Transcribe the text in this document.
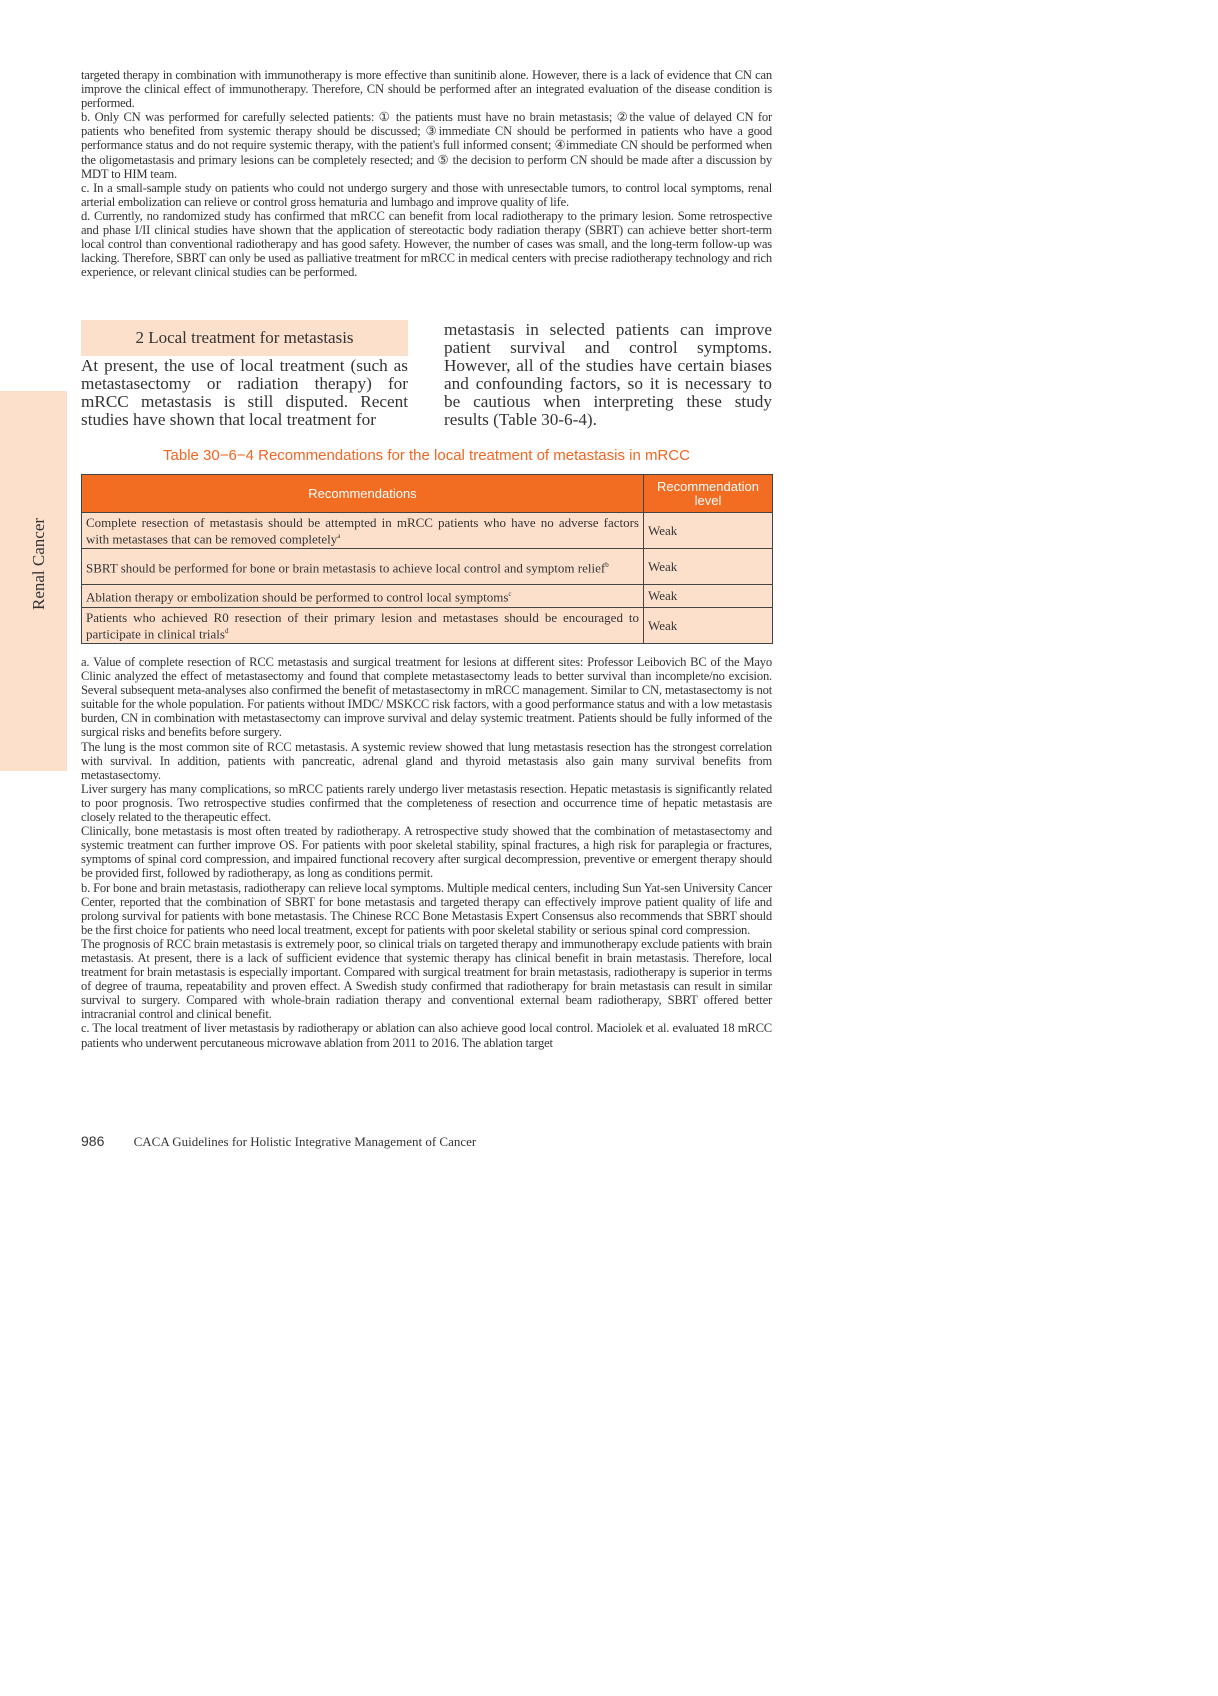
Renal Cancer

targeted therapy in combination with immunotherapy is more effective than sunitinib alone. However, there is a lack of evidence that CN can improve the clinical effect of immunotherapy. Therefore, CN should be performed after an integrated evaluation of the disease condition is performed.

b. Only CN was performed for carefully selected patients: ① the patients must have no brain metastasis; ②the value of delayed CN for patients who benefited from systemic therapy should be discussed; ③immediate CN should be performed in patients who have a good performance status and do not require systemic therapy, with the patient's full informed consent; ④immediate CN should be performed when the oligometastasis and primary lesions can be completely resected; and ⑤ the decision to perform CN should be made after a discussion by MDT to HIM team.

c. In a small-sample study on patients who could not undergo surgery and those with unresectable tumors, to control local symptoms, renal arterial embolization can relieve or control gross hematuria and lumbago and improve quality of life.

d. Currently, no randomized study has confirmed that mRCC can benefit from local radiotherapy to the primary lesion. Some retrospective and phase I/II clinical studies have shown that the application of stereotactic body radiation therapy (SBRT) can achieve better short-term local control than conventional radiotherapy and has good safety. However, the number of cases was small, and the long-term follow-up was lacking. Therefore, SBRT can only be used as palliative treatment for mRCC in medical centers with precise radiotherapy technology and rich experience, or relevant clinical studies can be performed.

2 Local treatment for metastasis
At present, the use of local treatment (such as metastasectomy or radiation therapy) for mRCC metastasis is still disputed. Recent studies have shown that local treatment for
metastasis in selected patients can improve patient survival and control symptoms. However, all of the studies have certain biases and confounding factors, so it is necessary to be cautious when interpreting these study results (Table 30-6-4).
Table 30−6−4 Recommendations for the local treatment of metastasis in mRCC
Recommendations	Recommendation level
Complete resection of metastasis should be attempted in mRCC patients who have no adverse factors with metastases that can be removed completely$^a$	Weak
SBRT should be performed for bone or brain metastasis to achieve local control and symptom relief$^b$	Weak
Ablation therapy or embolization should be performed to control local symptoms$^c$	Weak
Patients who achieved R0 resection of their primary lesion and metastases should be encouraged to participate in clinical trials$^d$	Weak

a. Value of complete resection of RCC metastasis and surgical treatment for lesions at different sites: Professor Leibovich BC of the Mayo Clinic analyzed the effect of metastasectomy and found that complete metastasectomy leads to better survival than incomplete/no excision. Several subsequent meta-analyses also confirmed the benefit of metastasectomy in mRCC management. Similar to CN, metastasectomy is not suitable for the whole population. For patients without IMDC/ MSKCC risk factors, with a good performance status and with a low metastasis burden, CN in combination with metastasectomy can improve survival and delay systemic treatment. Patients should be fully informed of the surgical risks and benefits before surgery.

The lung is the most common site of RCC metastasis. A systemic review showed that lung metastasis resection has the strongest correlation with survival. In addition, patients with pancreatic, adrenal gland and thyroid metastasis also gain many survival benefits from metastasectomy.

Liver surgery has many complications, so mRCC patients rarely undergo liver metastasis resection. Hepatic metastasis is significantly related to poor prognosis. Two retrospective studies confirmed that the completeness of resection and occurrence time of hepatic metastasis are closely related to the therapeutic effect.

Clinically, bone metastasis is most often treated by radiotherapy. A retrospective study showed that the combination of metastasectomy and systemic treatment can further improve OS. For patients with poor skeletal stability, spinal fractures, a high risk for paraplegia or fractures, symptoms of spinal cord compression, and impaired functional recovery after surgical decompression, preventive or emergent therapy should be provided first, followed by radiotherapy, as long as conditions permit.

b. For bone and brain metastasis, radiotherapy can relieve local symptoms. Multiple medical centers, including Sun Yat-sen University Cancer Center, reported that the combination of SBRT for bone metastasis and targeted therapy can effectively improve patient quality of life and prolong survival for patients with bone metastasis. The Chinese RCC Bone Metastasis Expert Consensus also recommends that SBRT should be the first choice for patients who need local treatment, except for patients with poor skeletal stability or serious spinal cord compression.

The prognosis of RCC brain metastasis is extremely poor, so clinical trials on targeted therapy and immunotherapy exclude patients with brain metastasis. At present, there is a lack of sufficient evidence that systemic therapy has clinical benefit in brain metastasis. Therefore, local treatment for brain metastasis is especially important. Compared with surgical treatment for brain metastasis, radiotherapy is superior in terms of degree of trauma, repeatability and proven effect. A Swedish study confirmed that radiotherapy for brain metastasis can result in similar survival to surgery. Compared with whole-brain radiation therapy and conventional external beam radiotherapy, SBRT offered better intracranial control and clinical benefit.

c. The local treatment of liver metastasis by radiotherapy or ablation can also achieve good local control. Maciolek et al. evaluated 18 mRCC patients who underwent percutaneous microwave ablation from 2011 to 2016. The ablation target

986 CACA Guidelines for Holistic Integrative Management of Cancer
